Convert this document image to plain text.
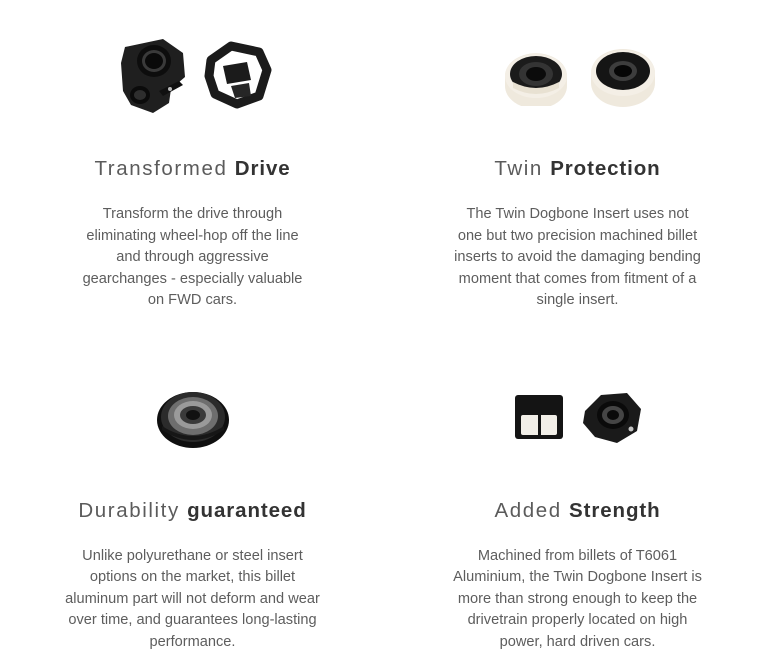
Transformed Drive
Transform the drive through eliminating wheel-hop off the line and through aggressive gearchanges - especially valuable on FWD cars.
Twin Protection
The Twin Dogbone Insert uses not one but two precision machined billet inserts to avoid the damaging bending moment that comes from fitment of a single insert.
Durability guaranteed
Unlike polyurethane or steel insert options on the market, this billet aluminum part will not deform and wear over time, and guarantees long-lasting performance.
Added Strength
Machined from billets of T6061 Aluminium, the Twin Dogbone Insert is more than strong enough to keep the drivetrain properly located on high power, hard driven cars.
